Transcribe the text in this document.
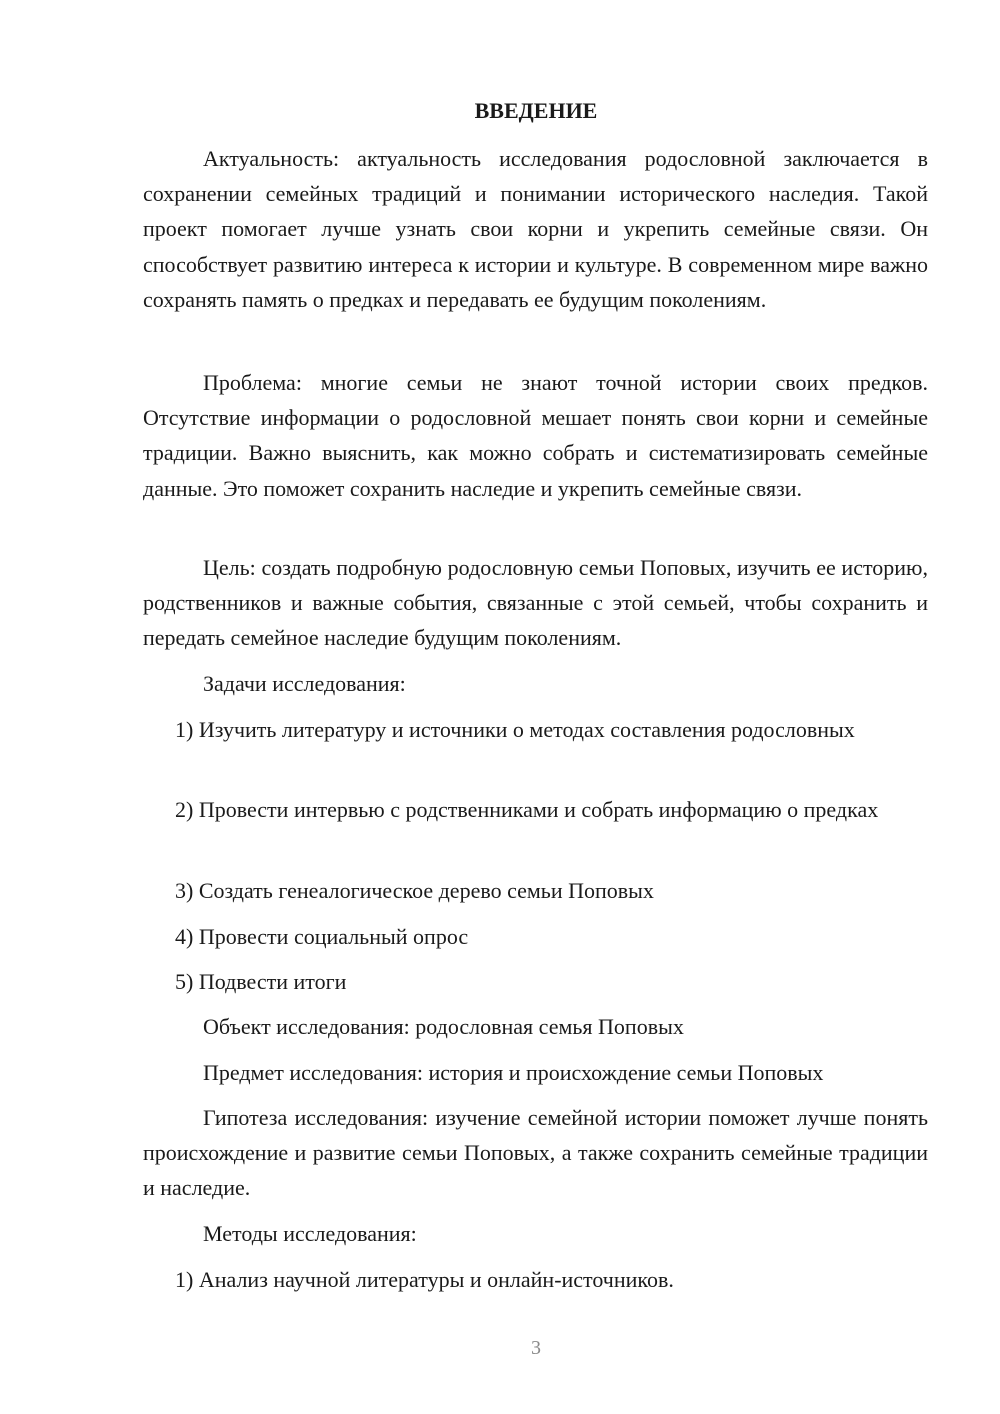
ВВЕДЕНИЕ

Актуальность: актуальность исследования родословной заключается в сохранении семейных традиций и понимании исторического наследия. Такой проект помогает лучше узнать свои корни и укрепить семейные связи. Он способствует развитию интереса к истории и культуре. В современном мире важно сохранять память о предках и передавать ее будущим поколениям.

Проблема: многие семьи не знают точной истории своих предков. Отсутствие информации о родословной мешает понять свои корни и семейные традиции. Важно выяснить, как можно собрать и систематизировать семейные данные. Это поможет сохранить наследие и укрепить семейные связи.

Цель: создать подробную родословную семьи Поповых, изучить ее историю, родственников и важные события, связанные с этой семьей, чтобы сохранить и передать семейное наследие будущим поколениям.

Задачи исследования:

1) Изучить литературу и источники о методах составления родословных

2) Провести интервью с родственниками и собрать информацию о предках

3) Создать генеалогическое дерево семьи Поповых

4) Провести социальный опрос

5) Подвести итоги

Объект исследования: родословная семья Поповых

Предмет исследования: история и происхождение семьи Поповых

Гипотеза исследования: изучение семейной истории поможет лучше понять происхождение и развитие семьи Поповых, а также сохранить семейные традиции и наследие.

Методы исследования:

1) Анализ научной литературы и онлайн-источников.

3
